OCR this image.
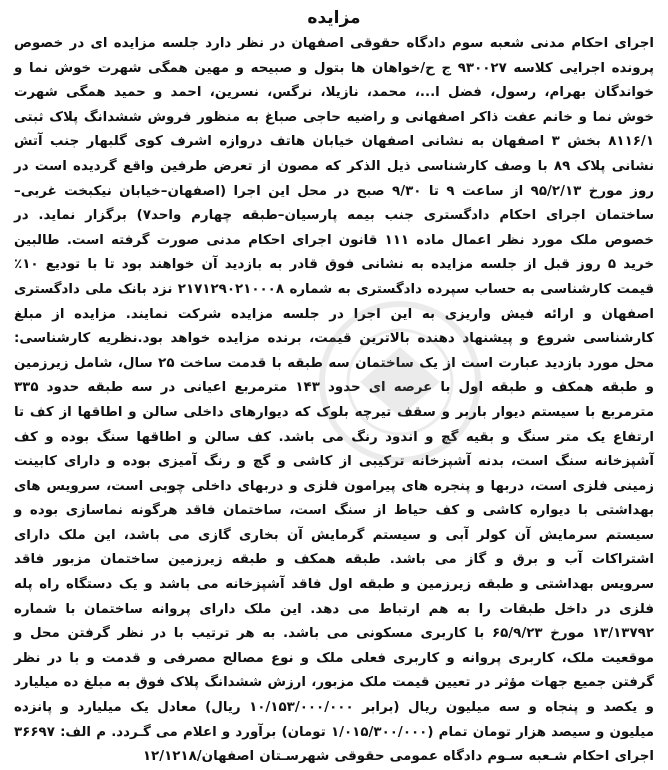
مزایده

اجرای احکام مدنی شعبه سوم دادگاه حقوقی اصفهان در نظر دارد جلسه مزایده ای در خصوص پرونده اجرایی کلاسه ۹۳۰۰۲۷ ج ح/خواهان ها بتول و صبیحه و مهین همگی شهرت خوش نما و خواندگان بهرام، رسول، فضل ا...، محمد، نازیلا، نرگس، نسرین، احمد و حمید همگی شهرت خوش نما و خانم عفت ذاکر اصفهانی و راضیه حاجی صباغ به منظور فروش ششدانگ پلاک ثبتی ۸۱۱۶/۱ بخش ۳ اصفهان به نشانی اصفهان خیابان هاتف دروازه اشرف کوی گلبهار جنب آتش نشانی پلاک ۸۹ با وصف کارشناسی ذیل الذکر که مصون از تعرض طرفین واقع گردیده است در روز مورخ ۹۵/۲/۱۳ از ساعت ۹ تا ۹/۳۰ صبح در محل این اجرا (اصفهان–خیابان نیکبخت غربی–ساختمان اجرای احکام دادگستری جنب بیمه پارسیان–طبقه چهارم واحد۷) برگزار نماید. در خصوص ملک مورد نظر اعمال ماده ۱۱۱ قانون اجرای احکام مدنی صورت گرفته است. طالبین خرید ۵ روز قبل از جلسه مزایده به نشانی فوق قادر به بازدید آن خواهند بود تا با تودیع ۱۰٪ قیمت کارشناسی به حساب سپرده دادگستری به شماره ۲۱۷۱۲۹۰۲۱۰۰۰۸ نزد بانک ملی دادگستری اصفهان و ارائه فیش واریزی به این اجرا در جلسه مزایده شرکت نمایند. مزایده از مبلغ کارشناسی شروع و پیشنهاد دهنده بالاترین قیمت، برنده مزایده خواهد بود.نظریه کارشناسی: محل مورد بازدید عبارت است از یک ساختمان سه طبقه با قدمت ساخت ۲۵ سال، شامل زیرزمین و طبقه همکف و طبقه اول با عرصه ای حدود ۱۴۳ مترمربع اعیانی در سه طبقه حدود ۳۳۵ مترمربع با سیستم دیوار باربر و سقف تیرچه بلوک که دیوارهای داخلی سالن و اطاقها از کف تا ارتفاع یک متر سنگ و بقیه گچ و اندود رنگ می باشد. کف سالن و اطاقها سنگ بوده و کف آشپزخانه سنگ است، بدنه آشپزخانه ترکیبی از کاشی و گچ و رنگ آمیزی بوده و دارای کابینت زمینی فلزی است، دربها و پنجره های پیرامون فلزی و دربهای داخلی چوبی است، سرویس های بهداشتی با دیواره کاشی و کف حیاط از سنگ است، ساختمان فاقد هرگونه نماسازی بوده و سیستم سرمایش آن کولر آبی و سیستم گرمایش آن بخاری گازی می باشد، این ملک دارای اشتراکات آب و برق و گاز می باشد. طبقه همکف و طبقه زیرزمین ساختمان مزبور فاقد سرویس بهداشتی و طبقه زیرزمین و طبقه اول فاقد آشپزخانه می باشد و یک دستگاه راه پله فلزی در داخل طبقات را به هم ارتباط می دهد. این ملک دارای پروانه ساختمان با شماره ۱۳/۱۳۷۹۲ مورخ ۶۵/۹/۲۳ با کاربری مسکونی می باشد. به هر ترتیب با در نظر گرفتن محل و موقعیت ملک، کاربری پروانه و کاربری فعلی ملک و نوع مصالح مصرفی و قدمت و با در نظر گرفتن جمیع جهات مؤثر در تعیین قیمت ملک مزبور، ارزش ششدانگ پلاک فوق به مبلغ ده میلیارد و یکصد و پنجاه و سه میلیون ریال (برابر ۱۰/۱۵۳/۰۰۰/۰۰۰ ریال) معادل یک میلیارد و پانزده میلیون و سیصد هزار تومان تمام (۱/۰۱۵/۳۰۰/۰۰۰ تومان) برآورد و اعلام می گـردد. م الف: ۳۶۶۹۷ اجرای احکام شـعبه سـوم دادگاه عمومی حقوقی شهرسـتان اصفهان/۱۲/۱۲۱۸
